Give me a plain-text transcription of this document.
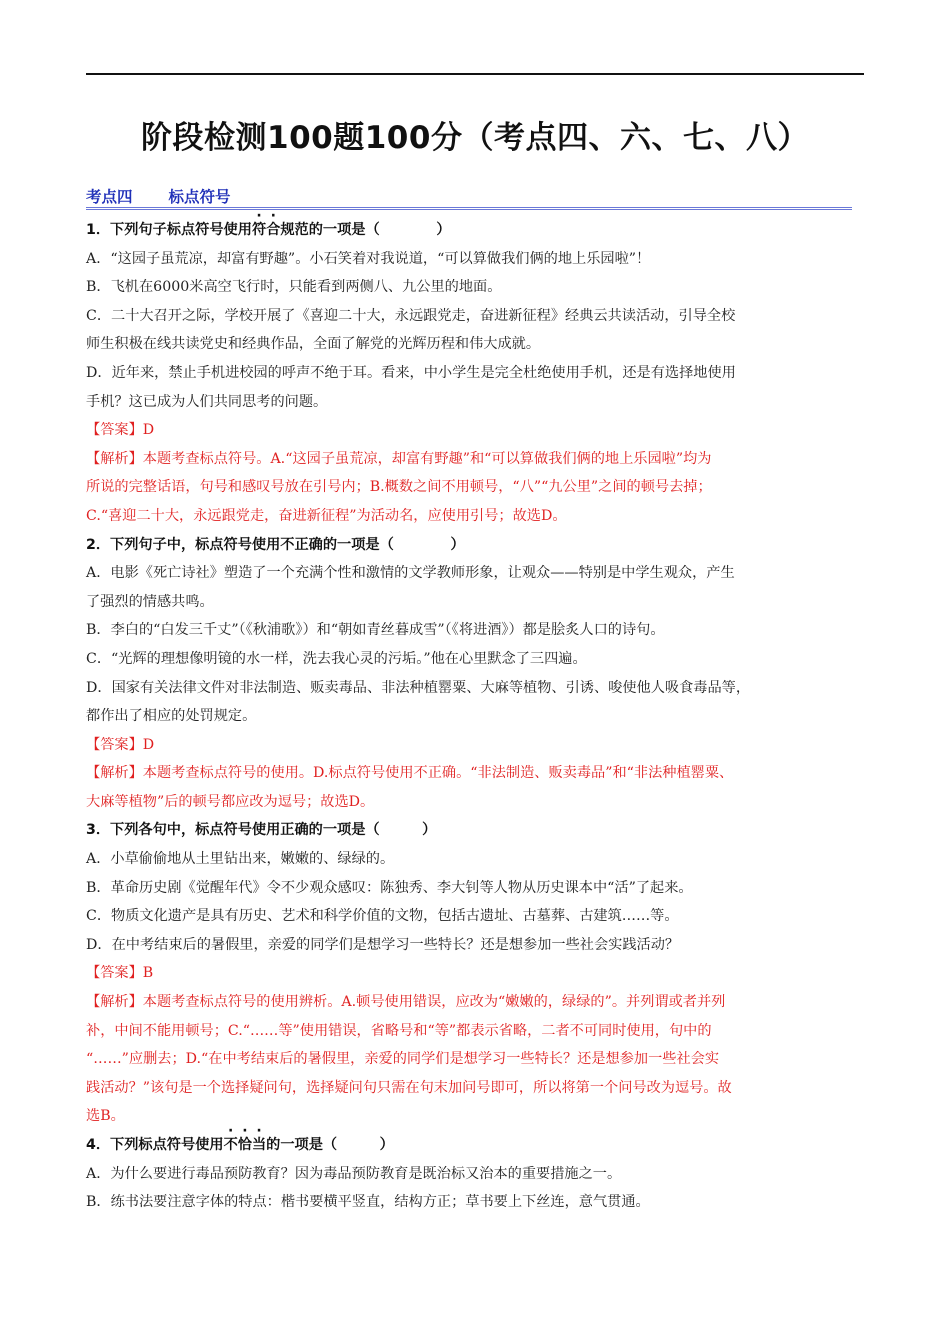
阶段检测100题100分（考点四、六、七、八）
考点四 标点符号
1．下列句子标点符号使用符合规范的一项是（　　　　）
A．“这园子虽荒凉，却富有野趣”。小石笑着对我说道，“可以算做我们俩的地上乐园啦”！
B．飞机在6000米高空飞行时，只能看到两侧八、九公里的地面。
C．二十大召开之际，学校开展了《喜迎二十大，永远跟党走，奋进新征程》经典云共读活动，引导全校
师生积极在线共读党史和经典作品，全面了解党的光辉历程和伟大成就。
D．近年来，禁止手机进校园的呼声不绝于耳。看来，中小学生是完全杜绝使用手机，还是有选择地使用
手机？这已成为人们共同思考的问题。
【答案】D
【解析】本题考查标点符号。A.“这园子虽荒凉，却富有野趣”和“可以算做我们俩的地上乐园啦”均为
所说的完整话语，句号和感叹号放在引号内；B.概数之间不用顿号，“八”“九公里”之间的顿号去掉；
C.“喜迎二十大，永远跟党走，奋进新征程”为活动名，应使用引号；故选D。
2．下列句子中，标点符号使用不正确的一项是（　　　　）
A．电影《死亡诗社》塑造了一个充满个性和激情的文学教师形象，让观众——特别是中学生观众，产生
了强烈的情感共鸣。
B．李白的“白发三千丈”（《秋浦歌》）和“朝如青丝暮成雪”（《将进酒》）都是脍炙人口的诗句。
C．“光辉的理想像明镜的水一样，洗去我心灵的污垢。”他在心里默念了三四遍。
D．国家有关法律文件对非法制造、贩卖毒品、非法种植罂粟、大麻等植物、引诱、唆使他人吸食毒品等，
都作出了相应的处罚规定。
【答案】D
【解析】本题考查标点符号的使用。D.标点符号使用不正确。“非法制造、贩卖毒品”和“非法种植罂粟、
大麻等植物”后的顿号都应改为逗号；故选D。
3．下列各句中，标点符号使用正确的一项是（　　　）
A．小草偷偷地从土里钻出来，嫩嫩的、绿绿的。
B．革命历史剧《觉醒年代》令不少观众感叹：陈独秀、李大钊等人物从历史课本中“活”了起来。
C．物质文化遗产是具有历史、艺术和科学价值的文物，包括古遗址、古墓葬、古建筑……等。
D．在中考结束后的暑假里，亲爱的同学们是想学习一些特长？还是想参加一些社会实践活动？
【答案】B
【解析】本题考查标点符号的使用辨析。A.顿号使用错误，应改为“嫩嫩的，绿绿的”。并列谓或者并列
补，中间不能用顿号；C.“……等”使用错误，省略号和“等”都表示省略，二者不可同时使用，句中的
“……”应删去；D.“在中考结束后的暑假里，亲爱的同学们是想学习一些特长？还是想参加一些社会实
践活动？”该句是一个选择疑问句，选择疑问句只需在句末加问号即可，所以将第一个问号改为逗号。故
选B。
4．下列标点符号使用不恰当的一项是（　　　）
A．为什么要进行毒品预防教育？因为毒品预防教育是既治标又治本的重要措施之一。
B．练书法要注意字体的特点：楷书要横平竖直，结构方正；草书要上下丝连，意气贯通。
